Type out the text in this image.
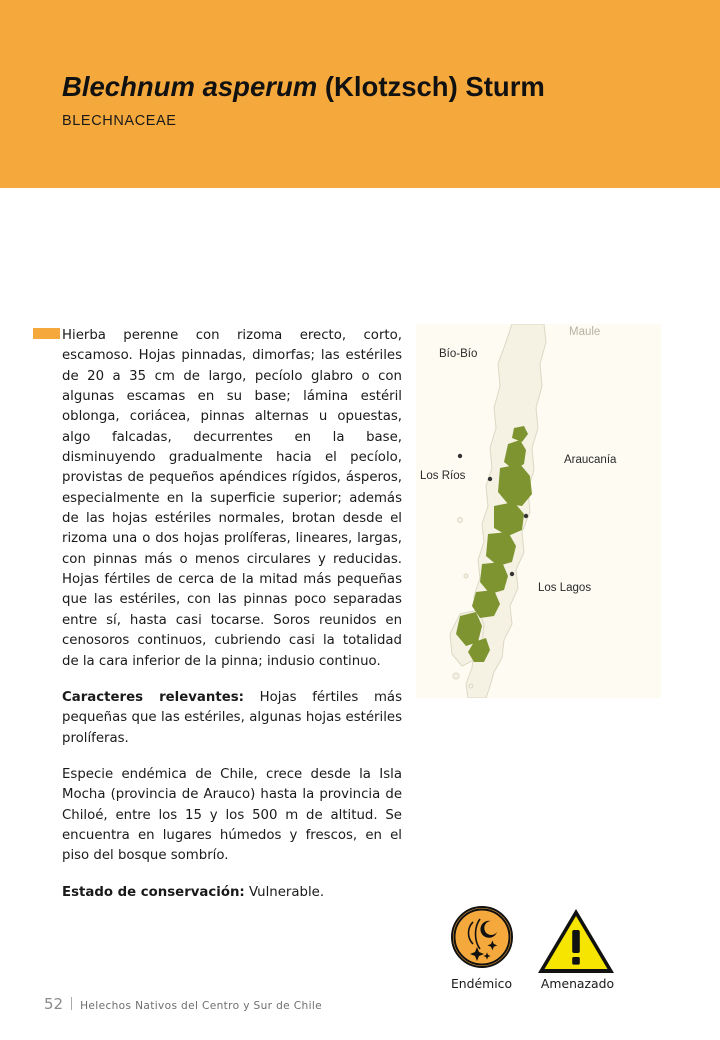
Blechnum asperum (Klotzsch) Sturm
BLECHNACEAE

Hierba perenne con rizoma erecto, corto, escamoso. Hojas pinnadas, dimorfas; las estériles de 20 a 35 cm de largo, pecíolo glabro o con algunas escamas en su base; lámina estéril oblonga, coriácea, pinnas alternas u opuestas, algo falcadas, decurrentes en la base, disminuyendo gradualmente hacia el pecíolo, provistas de pequeños apéndices rígidos, ásperos, especialmente en la superficie superior; además de las hojas estériles normales, brotan desde el rizoma una o dos hojas prolíferas, lineares, largas, con pinnas más o menos circulares y reducidas. Hojas fértiles de cerca de la mitad más pequeñas que las estériles, con las pinnas poco separadas entre sí, hasta casi tocarse. Soros reunidos en cenosoros continuos, cubriendo casi la totalidad de la cara inferior de la pinna; indusio continuo.

Caracteres relevantes: Hojas fértiles más pequeñas que las estériles, algunas hojas estériles prolíferas.

Especie endémica de Chile, crece desde la Isla Mocha (provincia de Arauco) hasta la provincia de Chiloé, entre los 15 y los 500 m de altitud. Se encuentra en lugares húmedos y frescos, en el piso del bosque sombrío.

Estado de conservación: Vulnerable.

Maule
Bío-Bío
Araucanía
Los Ríos
Los Lagos
Endémico	Amenazado
52 Helechos Nativos del Centro y Sur de Chile
